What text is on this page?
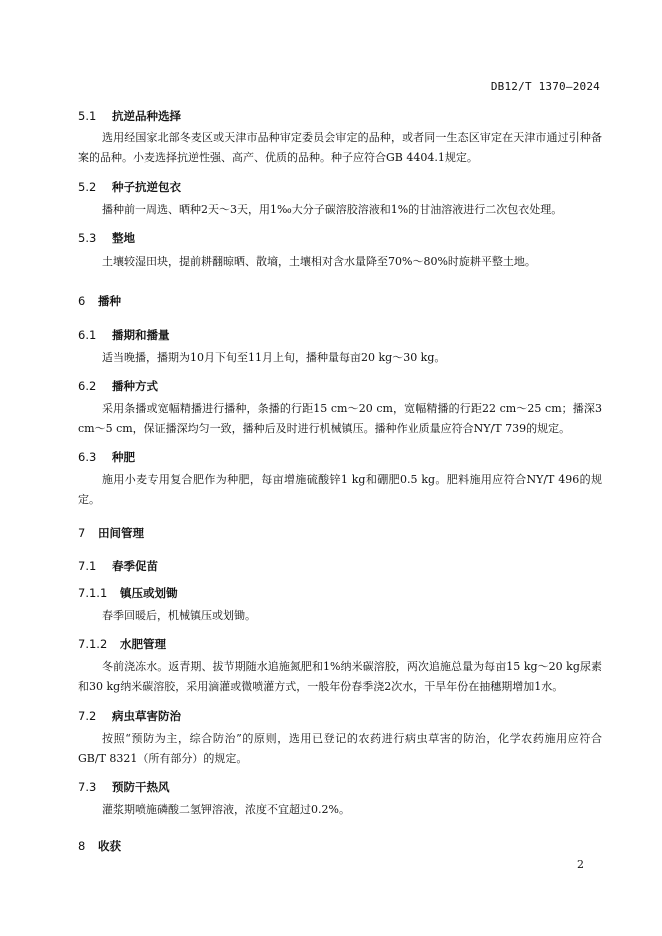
DB12/T 1370—2024
5.1 抗逆品种选择
选用经国家北部冬麦区或天津市品种审定委员会审定的品种，或者同一生态区审定在天津市通过引种备案的品种。小麦选择抗逆性强、高产、优质的品种。种子应符合GB 4404.1规定。
5.2 种子抗逆包衣
播种前一周选、晒种2天～3天，用1‰大分子碳溶胶溶液和1%的甘油溶液进行二次包衣处理。
5.3 整地
土壤较湿田块，提前耕翻晾晒、散墒，土壤相对含水量降至70%～80%时旋耕平整土地。
6 播种
6.1 播期和播量
适当晚播，播期为10月下旬至11月上旬，播种量每亩20 kg～30 kg。
6.2 播种方式
采用条播或宽幅精播进行播种，条播的行距15 cm～20 cm，宽幅精播的行距22 cm～25 cm；播深3 cm～5 cm，保证播深均匀一致，播种后及时进行机械镇压。播种作业质量应符合NY/T 739的规定。
6.3 种肥
施用小麦专用复合肥作为种肥，每亩增施硫酸锌1 kg和硼肥0.5 kg。肥料施用应符合NY/T 496的规定。
7 田间管理
7.1 春季促苗
7.1.1 镇压或划锄
春季回暖后，机械镇压或划锄。
7.1.2 水肥管理
冬前浇冻水。返青期、拔节期随水追施氮肥和1%纳米碳溶胶，两次追施总量为每亩15 kg～20 kg尿素和30 kg纳米碳溶胶，采用滴灌或微喷灌方式，一般年份春季浇2次水，干旱年份在抽穗期增加1水。
7.2 病虫草害防治
按照“预防为主，综合防治”的原则，选用已登记的农药进行病虫草害的防治，化学农药施用应符合GB/T 8321（所有部分）的规定。
7.3 预防干热风
灌浆期喷施磷酸二氢钾溶液，浓度不宜超过0.2%。
8 收获
2
